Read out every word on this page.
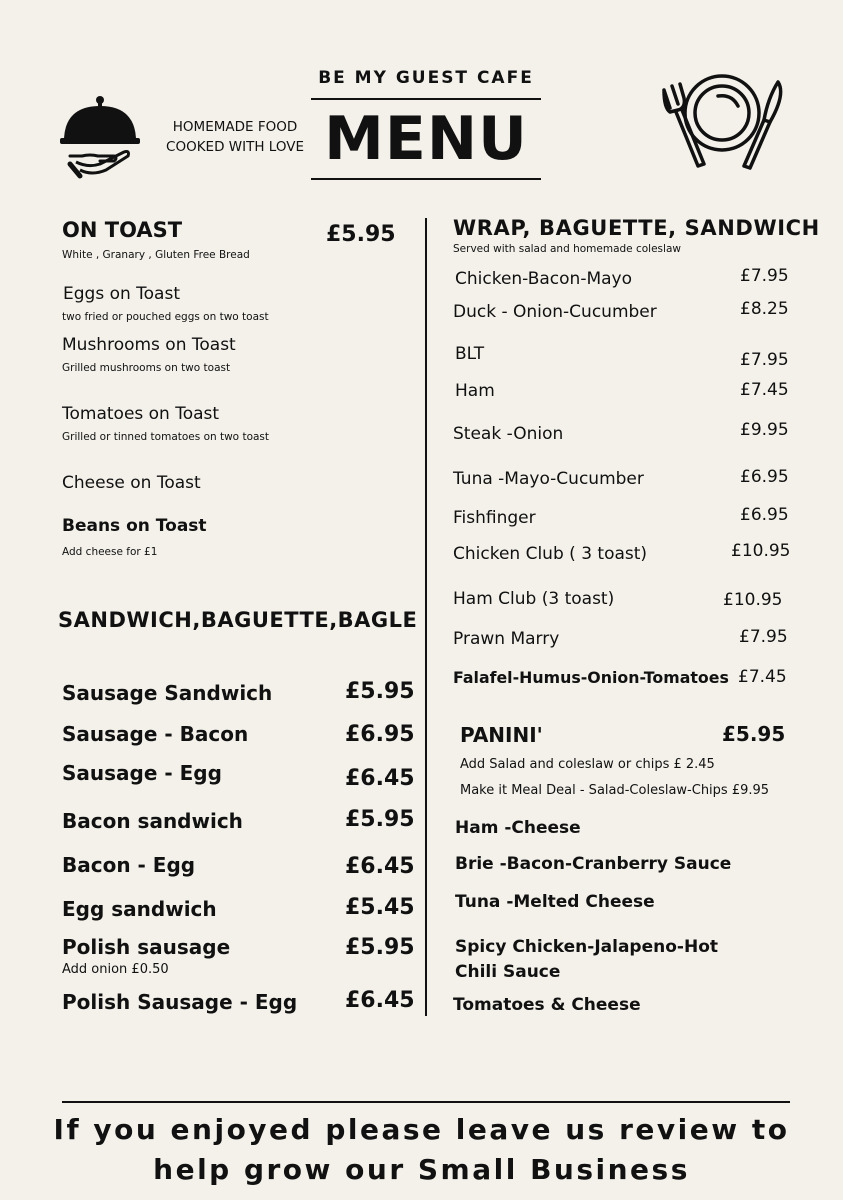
HOMEMADE FOOD
COOKED WITH LOVE
BE MY GUEST CAFE
MENU
ON TOAST	£5.95
White , Granary , Gluten Free Bread
Eggs on Toast
two fried or pouched eggs on two toast
Mushrooms on Toast
Grilled mushrooms on two toast
Tomatoes on Toast
Grilled or tinned tomatoes on two toast
Cheese on Toast
Beans on Toast
Add cheese for £1
SANDWICH,BAGUETTE,BAGLE
Sausage Sandwich	£5.95
Sausage - Bacon	£6.95
Sausage - Egg	£6.45
Bacon sandwich	£5.95
Bacon - Egg	£6.45
Egg sandwich	£5.45
Polish sausage	£5.95
Add onion £0.50
Polish Sausage - Egg £6.45
WRAP, BAGUETTE, SANDWICH
Served with salad and homemade coleslaw
Chicken-Bacon-Mayo	£7.95
Duck - Onion-Cucumber	£8.25
BLT	£7.95
Ham	£7.45
Steak -Onion	£9.95
Tuna -Mayo-Cucumber	£6.95
Fishfinger	£6.95
Chicken Club ( 3 toast)	£10.95
Ham Club (3 toast)	£10.95
Prawn Marry	£7.95
Falafel-Humus-Onion-Tomatoes £7.45
PANINI'	£5.95
Add Salad and coleslaw or chips £ 2.45
Make it Meal Deal - Salad-Coleslaw-Chips £9.95
Ham -Cheese
Brie -Bacon-Cranberry Sauce
Tuna -Melted Cheese
Spicy Chicken-Jalapeno-Hot
Chili Sauce
Tomatoes & Cheese
If you enjoyed please leave us review to
help grow our Small Business
